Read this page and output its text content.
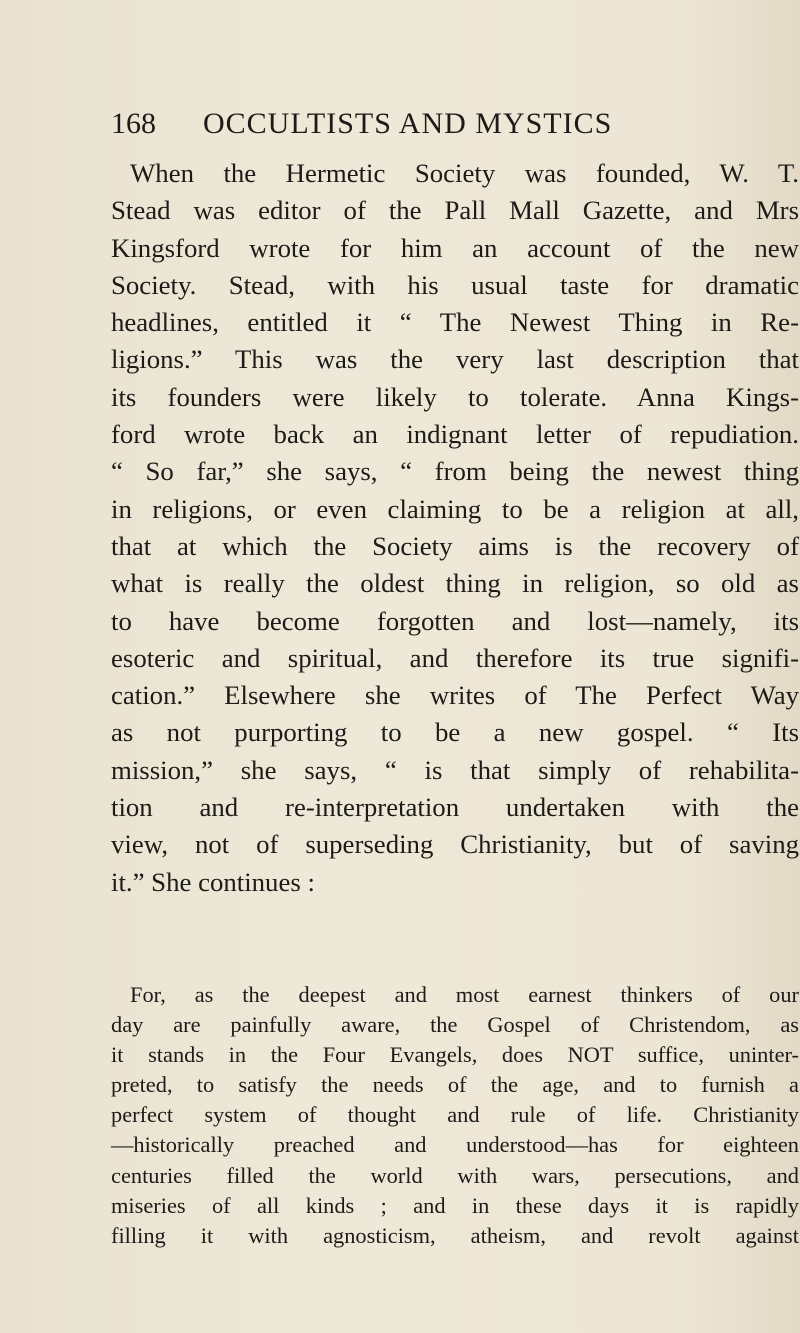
168 OCCULTISTS AND MYSTICS
When the Hermetic Society was founded, W. T.
Stead was editor of the Pall Mall Gazette, and Mrs
Kingsford wrote for him an account of the new
Society. Stead, with his usual taste for dramatic
headlines, entitled it “ The Newest Thing in Re-
ligions.” This was the very last description that
its founders were likely to tolerate. Anna Kings-
ford wrote back an indignant letter of repudiation.
“ So far,” she says, “ from being the newest thing
in religions, or even claiming to be a religion at all,
that at which the Society aims is the recovery of
what is really the oldest thing in religion, so old as
to have become forgotten and lost—namely, its
esoteric and spiritual, and therefore its true signifi-
cation.” Elsewhere she writes of The Perfect Way
as not purporting to be a new gospel. “ Its
mission,” she says, “ is that simply of rehabilita-
tion and re-interpretation undertaken with the
view, not of superseding Christianity, but of saving
it.” She continues :
For, as the deepest and most earnest thinkers of our
day are painfully aware, the Gospel of Christendom, as
it stands in the Four Evangels, does NOT suffice, uninter-
preted, to satisfy the needs of the age, and to furnish a
perfect system of thought and rule of life. Christianity
—historically preached and understood—has for eighteen
centuries filled the world with wars, persecutions, and
miseries of all kinds ; and in these days it is rapidly
filling it with agnosticism, atheism, and revolt against
